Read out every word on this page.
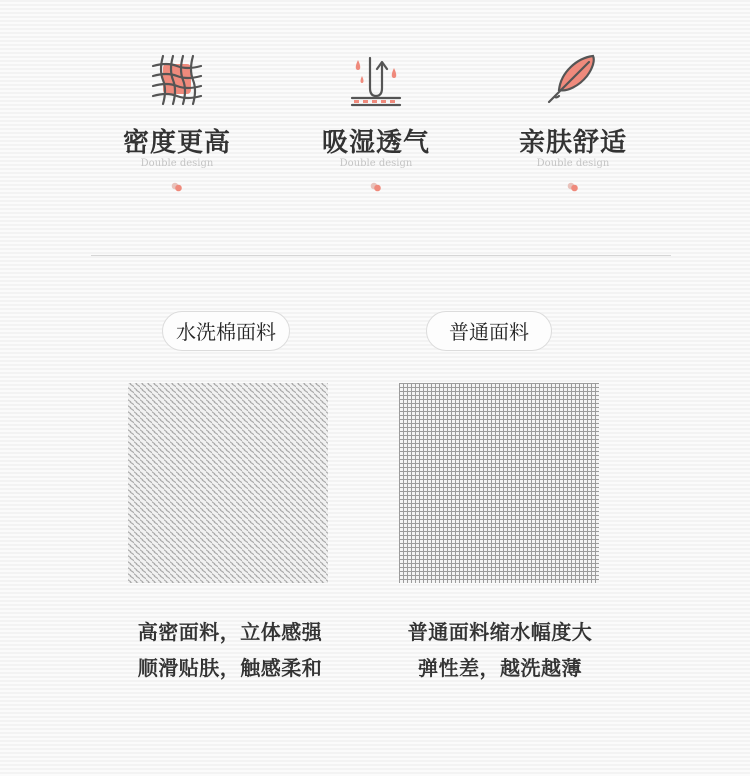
密度更高
Double design
吸湿透气
Double design
亲肤舒适
Double design
水洗棉面料	普通面料
高密面料，立体感强
顺滑贴肤，触感柔和
普通面料缩水幅度大
弹性差，越洗越薄
